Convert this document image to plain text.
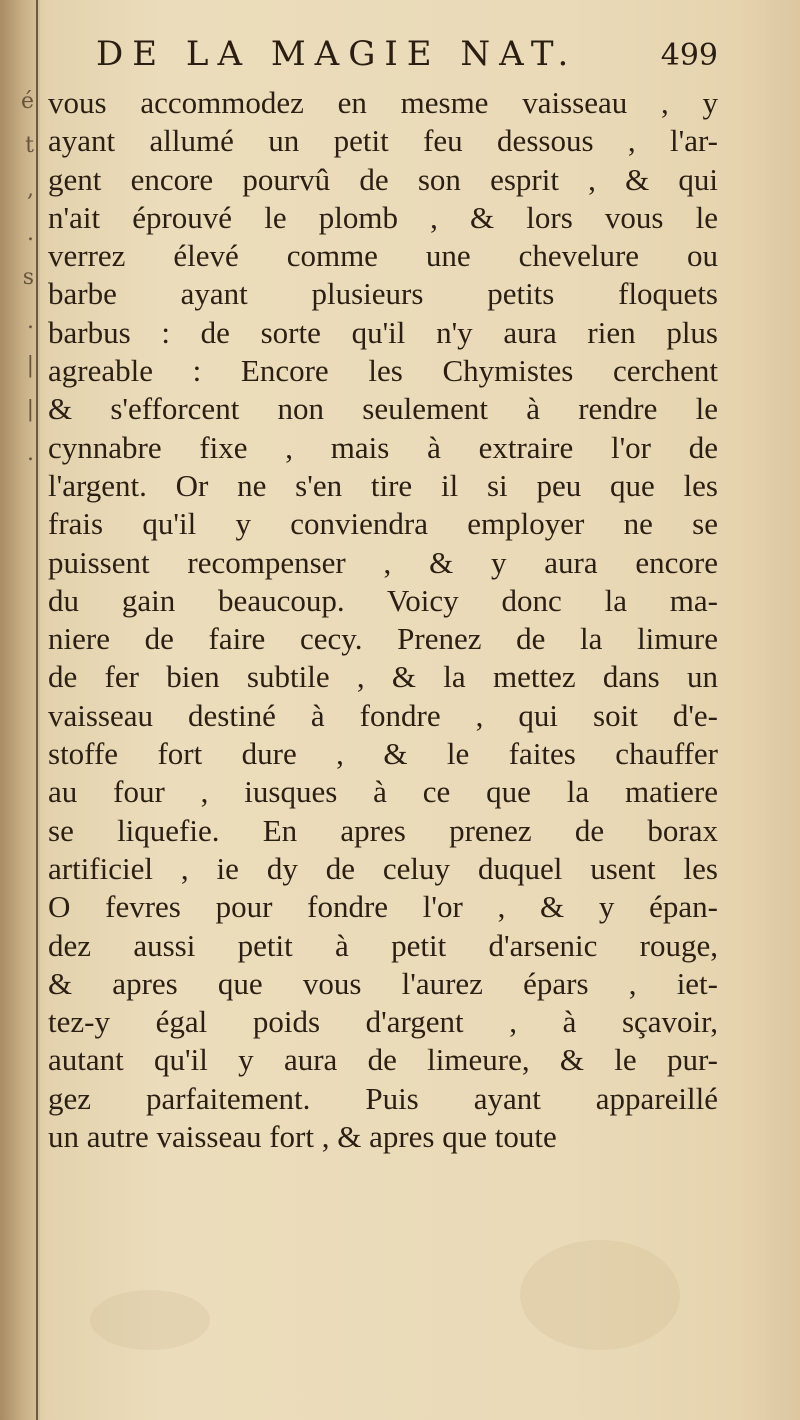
é
t
,
.
s
.
|
|
.
DE LA MAGIE NAT.	499
vous accommodez en mesme vaisseau , y
ayant allumé un petit feu dessous , l'ar-
gent encore pourvû de son esprit , & qui
n'ait éprouvé le plomb , & lors vous le
verrez élevé comme une chevelure ou
barbe ayant plusieurs petits floquets
barbus : de sorte qu'il n'y aura rien plus
agreable : Encore les Chymistes cerchent
& s'efforcent non seulement à rendre le
cynnabre fixe , mais à extraire l'or de
l'argent. Or ne s'en tire il si peu que les
frais qu'il y conviendra employer ne se
puissent recompenser , & y aura encore
du gain beaucoup. Voicy donc la ma-
niere de faire cecy. Prenez de la limure
de fer bien subtile , & la mettez dans un
vaisseau destiné à fondre , qui soit d'e-
stoffe fort dure , & le faites chauffer
au four , iusques à ce que la matiere
se liquefie. En apres prenez de borax
artificiel , ie dy de celuy duquel usent les
O fevres pour fondre l'or , & y épan-
dez aussi petit à petit d'arsenic rouge,
& apres que vous l'aurez épars , iet-
tez-y égal poids d'argent , à sçavoir,
autant qu'il y aura de limeure, & le pur-
gez parfaitement. Puis ayant appareillé
un autre vaisseau fort , & apres que toute
